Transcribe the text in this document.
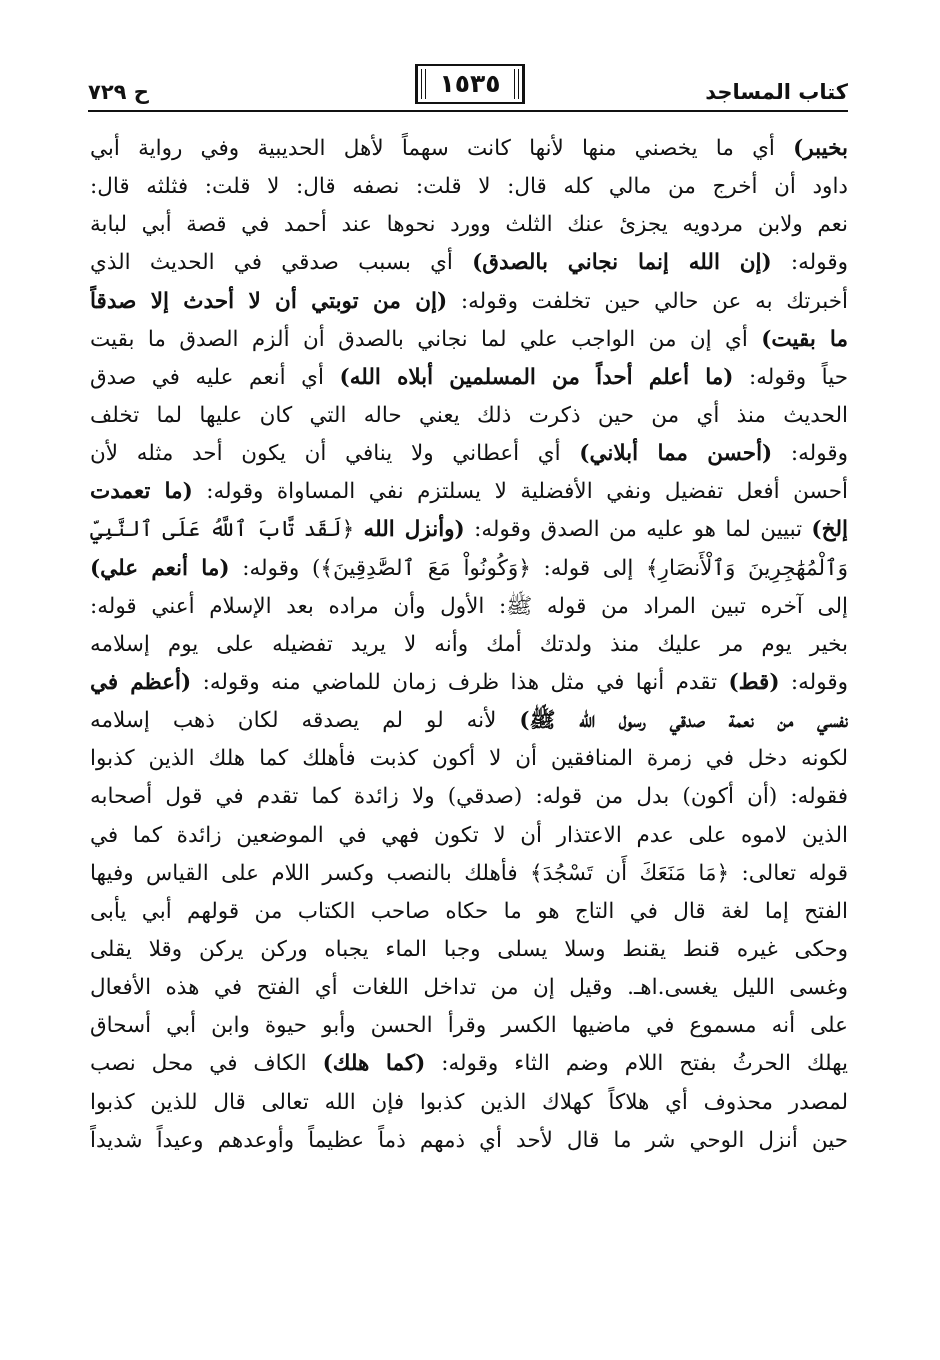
كتاب المساجد
١٥٣٥
ح ٧٢٩
بخيبر) أي ما يخصني منها لأنها كانت سهماً لأهل الحديبية وفي رواية أبي
داود أن أخرج من مالي كله قال: لا قلت: نصفه قال: لا قلت: فثلثه قال:
نعم ولابن مردويه يجزئ عنك الثلث وورد نحوها عند أحمد في قصة أبي لبابة
وقوله: (إن الله إنما نجاني بالصدق) أي بسبب صدقي في الحديث الذي
أخبرتك به عن حالي حين تخلفت وقوله: (إن من توبتي أن لا أحدث إلا صدقاً
ما بقيت) أي إن من الواجب علي لما نجاني بالصدق أن ألزم الصدق ما بقيت
حياً وقوله: (ما أعلم أحداً من المسلمين أبلاه الله) أي أنعم عليه في صدق
الحديث منذ أي من حين ذكرت ذلك يعني حاله التي كان عليها لما تخلف
وقوله: (أحسن مما أبلاني) أي أعطاني ولا ينافي أن يكون أحد مثله لأن
أحسن أفعل تفضيل ونفي الأفضلية لا يسلتزم نفي المساواة وقوله: (ما تعمدت
إلخ) تبيين لما هو عليه من الصدق وقوله: (وأنزل الله ﴿لَقَد تَّابَ ٱللَّهُ عَلَى ٱلنَّبِيِّ
وَٱلْمُهَٰجِرِينَ وَٱلْأَنصَارِ﴾ إلى قوله: ﴿وَكُونُواْ مَعَ ٱلصَّٰدِقِينَ﴾) وقوله: (ما أنعم علي)
إلى آخره تبين المراد من قوله ﷺ: الأول وأن مراده بعد الإسلام أعني قوله:
بخير يوم مر عليك منذ ولدتك أمك وأنه لا يريد تفضيله على يوم إسلامه
وقوله: (قط) تقدم أنها في مثل هذا ظرف زمان للماضي منه وقوله: (أعظم في
نفسي من نعمة صدقي رسول الله ﷺ) لأنه لو لم يصدقه لكان ذهب إسلامه
لكونه دخل في زمرة المنافقين أن لا أكون كذبت فأهلك كما هلك الذين كذبوا
فقوله: (أن أكون) بدل من قوله: (صدقي) ولا زائدة كما تقدم في قول أصحابه
الذين لاموه على عدم الاعتذار أن لا تكون فهي في الموضعين زائدة كما في
قوله تعالى: ﴿مَا مَنَعَكَ أَن تَسْجُدَ﴾ فأهلك بالنصب وكسر اللام على القياس وفيها
الفتح إما لغة قال في التاج هو ما حكاه صاحب الكتاب من قولهم أبي يأبى
وحكى غيره قنط يقنط وسلا يسلى وجبا الماء يجباه وركن يركن وقلا يقلى
وغسى الليل يغسى.اهـ. وقيل إن من تداخل اللغات أي الفتح في هذه الأفعال
على أنه مسموع في ماضيها الكسر وقرأ الحسن وأبو حيوة وابن أبي أسحاق
يهلك الحرثُ بفتح اللام وضم الثاء وقوله: (كما هلك) الكاف في محل نصب
لمصدر محذوف أي هلاكاً كهلاك الذين كذبوا فإن الله تعالى قال للذين كذبوا
حين أنزل الوحي شر ما قال لأحد أي ذمهم ذماً عظيماً وأوعدهم وعيداً شديداً
